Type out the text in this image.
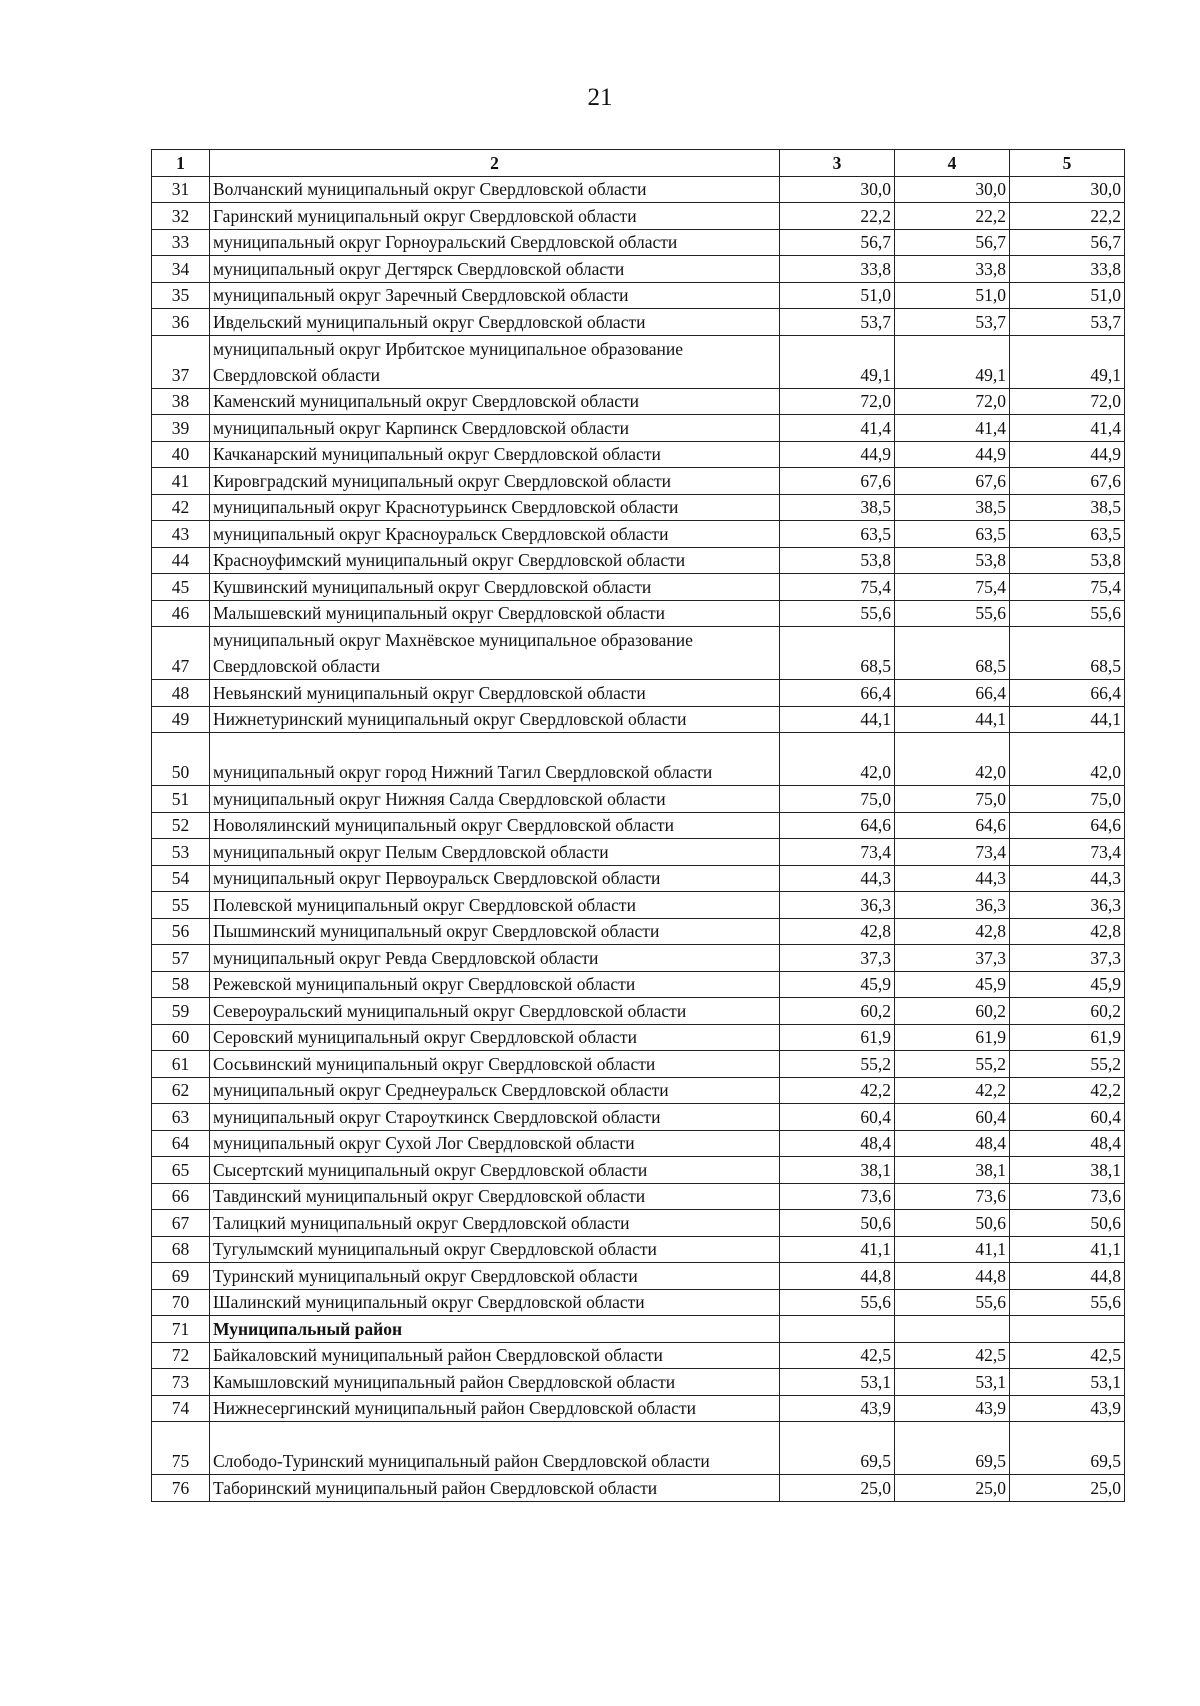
21
1	2	3	4	5
31	Волчанский муниципальный округ Свердловской области	30,0	30,0	30,0
32	Гаринский муниципальный округ Свердловской области	22,2	22,2	22,2
33	муниципальный округ Горноуральский Свердловской области	56,7	56,7	56,7
34	муниципальный округ Дегтярск Свердловской области	33,8	33,8	33,8
35	муниципальный округ Заречный Свердловской области	51,0	51,0	51,0
36	Ивдельский муниципальный округ Свердловской области	53,7	53,7	53,7
37	муниципальный округ Ирбитское муниципальное образование Свердловской области	49,1	49,1	49,1
38	Каменский муниципальный округ Свердловской области	72,0	72,0	72,0
39	муниципальный округ Карпинск Свердловской области	41,4	41,4	41,4
40	Качканарский муниципальный округ Свердловской области	44,9	44,9	44,9
41	Кировградский муниципальный округ Свердловской области	67,6	67,6	67,6
42	муниципальный округ Краснотурьинск Свердловской области	38,5	38,5	38,5
43	муниципальный округ Красноуральск Свердловской области	63,5	63,5	63,5
44	Красноуфимский муниципальный округ Свердловской области	53,8	53,8	53,8
45	Кушвинский муниципальный округ Свердловской области	75,4	75,4	75,4
46	Малышевский муниципальный округ Свердловской области	55,6	55,6	55,6
47	муниципальный округ Махнёвское муниципальное образование Свердловской области	68,5	68,5	68,5
48	Невьянский муниципальный округ Свердловской области	66,4	66,4	66,4
49	Нижнетуринский муниципальный округ Свердловской области	44,1	44,1	44,1
50	муниципальный округ город Нижний Тагил Свердловской области	42,0	42,0	42,0
51	муниципальный округ Нижняя Салда Свердловской области	75,0	75,0	75,0
52	Новолялинский муниципальный округ Свердловской области	64,6	64,6	64,6
53	муниципальный округ Пелым Свердловской области	73,4	73,4	73,4
54	муниципальный округ Первоуральск Свердловской области	44,3	44,3	44,3
55	Полевской муниципальный округ Свердловской области	36,3	36,3	36,3
56	Пышминский муниципальный округ Свердловской области	42,8	42,8	42,8
57	муниципальный округ Ревда Свердловской области	37,3	37,3	37,3
58	Режевской муниципальный округ Свердловской области	45,9	45,9	45,9
59	Североуральский муниципальный округ Свердловской области	60,2	60,2	60,2
60	Серовский муниципальный округ Свердловской области	61,9	61,9	61,9
61	Сосьвинский муниципальный округ Свердловской области	55,2	55,2	55,2
62	муниципальный округ Среднеуральск Свердловской области	42,2	42,2	42,2
63	муниципальный округ Староуткинск Свердловской области	60,4	60,4	60,4
64	муниципальный округ Сухой Лог Свердловской области	48,4	48,4	48,4
65	Сысертский муниципальный округ Свердловской области	38,1	38,1	38,1
66	Тавдинский муниципальный округ Свердловской области	73,6	73,6	73,6
67	Талицкий муниципальный округ Свердловской области	50,6	50,6	50,6
68	Тугулымский муниципальный округ Свердловской области	41,1	41,1	41,1
69	Туринский муниципальный округ Свердловской области	44,8	44,8	44,8
70	Шалинский муниципальный округ Свердловской области	55,6	55,6	55,6
71	Муниципальный район			
72	Байкаловский муниципальный район Свердловской области	42,5	42,5	42,5
73	Камышловский муниципальный район Свердловской области	53,1	53,1	53,1
74	Нижнесергинский муниципальный район Свердловской области	43,9	43,9	43,9
75	Слободо-Туринский муниципальный район Свердловской области	69,5	69,5	69,5
76	Таборинский муниципальный район Свердловской области	25,0	25,0	25,0
